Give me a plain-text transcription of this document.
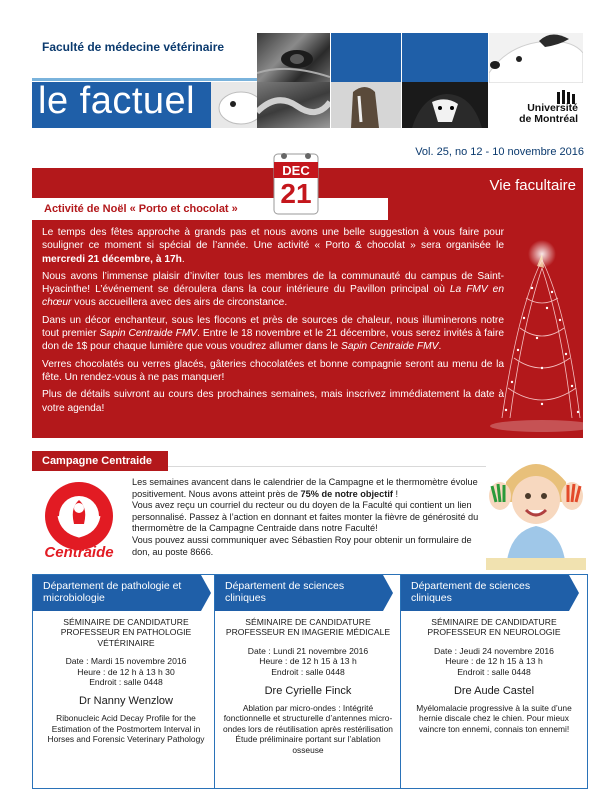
Faculté de médecine vétérinaire
le factuel	Université
de Montréal
Vol. 25, no 12 - 10 novembre 2016
Vie facultaire
Activité de Noël « Porto et chocolat »
DEC
21

Le temps des fêtes approche à grands pas et nous avons une belle suggestion à vous faire pour souligner ce moment si spécial de l’année. Une activité « Porto & chocolat » sera organisée le mercredi 21 décembre, à 17h.

Nous avons l’immense plaisir d’inviter tous les membres de la communauté du campus de Saint-Hyacinthe! L’événement se déroulera dans la cour intérieure du Pavillon principal où La FMV en chœur vous accueillera avec des airs de circonstance.

Dans un décor enchanteur, sous les flocons et près de sources de chaleur, nous illuminerons notre tout premier Sapin Centraide FMV. Entre le 18 novembre et le 21 décembre, vous serez invités à faire don de 1$ pour chaque lumière que vous voudrez allumer dans le Sapin Centraide FMV.

Verres chocolatés ou verres glacés, gâteries chocolatées et bonne compagnie seront au menu de la fête. Un rendez-vous à ne pas manquer!

Plus de détails suivront au cours des prochaines semaines, mais inscrivez immédiatement la date à votre agenda!

Campagne Centraide
Centraide
Les semaines avancent dans le calendrier de la Campagne et le thermomètre évolue positivement. Nous avons atteint près de 75% de notre objectif !
Vous avez reçu un courriel du recteur ou du doyen de la Faculté qui contient un lien personnalisé. Passez à l’action en donnant et faites monter la fièvre de générosité du thermomètre de la Campagne Centraide dans notre Faculté!
Vous pouvez aussi communiquer avec Sébastien Roy pour obtenir un formulaire de don, au poste 8666.
Département de pathologie et microbiologie
SÉMINAIRE DE CANDIDATURE PROFESSEUR EN PATHOLOGIE VÉTÉRINAIRE
Date : Mardi 15 novembre 2016
Heure : de 12 h à 13 h 30
Endroit : salle 0448
Dr Nanny Wenzlow
Ribonucleic Acid Decay Profile for the Estimation of the Postmortem Interval in Horses and Forensic Veterinary Pathology
Département de sciences cliniques
SÉMINAIRE DE CANDIDATURE PROFESSEUR EN IMAGERIE MÉDICALE
Date : Lundi 21 novembre 2016
Heure : de 12 h 15 à 13 h
Endroit : salle 0448
Dre Cyrielle Finck
Ablation par micro-ondes : Intégrité fonctionnelle et structurelle d’antennes micro-ondes lors de réutilisation après restérilisation Étude préliminaire portant sur l’ablation osseuse
Département de sciences cliniques
SÉMINAIRE DE CANDIDATURE PROFESSEUR EN NEUROLOGIE
Date : Jeudi 24 novembre 2016
Heure : de 12 h 15 à 13 h
Endroit : salle 0448
Dre Aude Castel
Myélomalacie progressive à la suite d’une hernie discale chez le chien. Pour mieux vaincre ton ennemi, connais ton ennemi!
